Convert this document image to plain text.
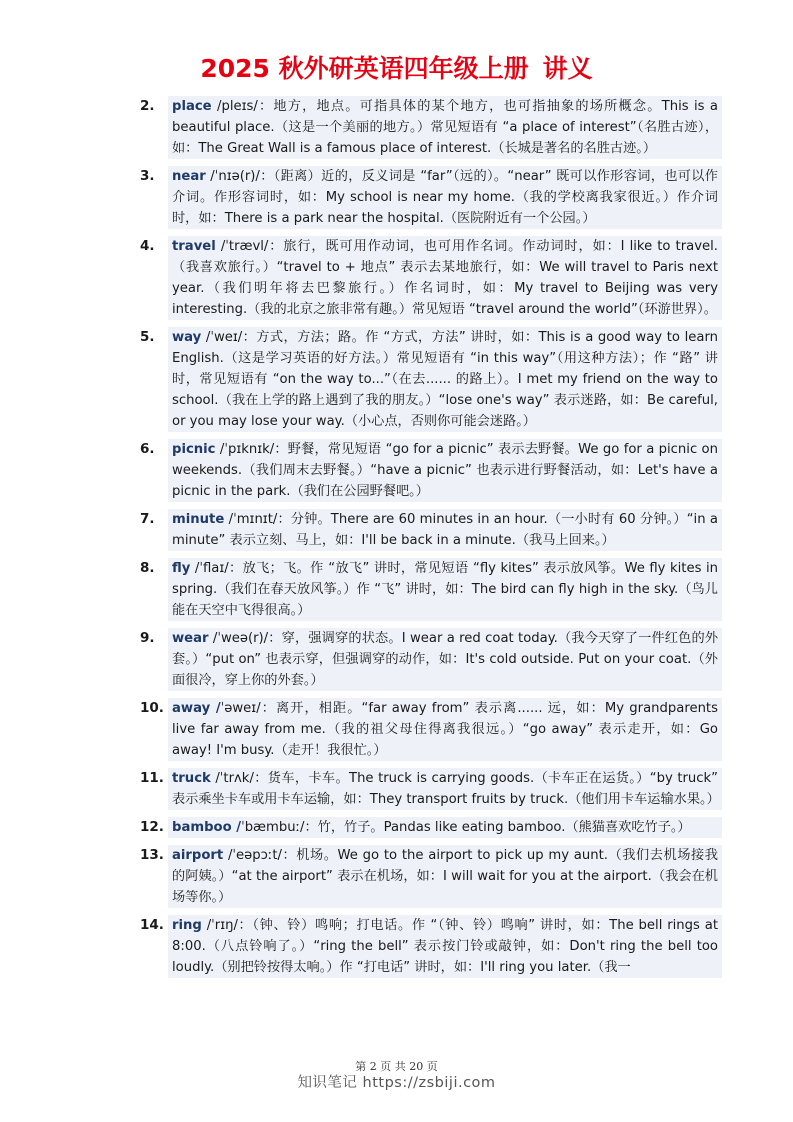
2025 秋外研英语四年级上册 讲义
2.	place /pleɪs/：地方，地点。可指具体的某个地方，也可指抽象的场所概念。This is a beautiful place.（这是一个美丽的地方。）常见短语有 “a place of interest”（名胜古迹），如：The Great Wall is a famous place of interest.（长城是著名的名胜古迹。）
3.	near /ˈnɪə(r)/：（距离）近的，反义词是 “far”（远的）。“near” 既可以作形容词，也可以作介词。作形容词时，如：My school is near my home.（我的学校离我家很近。）作介词时，如：There is a park near the hospital.（医院附近有一个公园。）
4.	travel /ˈtrævl/：旅行，既可用作动词，也可用作名词。作动词时，如：I like to travel.（我喜欢旅行。）“travel to + 地点” 表示去某地旅行，如：We will travel to Paris next year.（我们明年将去巴黎旅行。）作名词时，如：My travel to Beijing was very interesting.（我的北京之旅非常有趣。）常见短语 “travel around the world”（环游世界）。
5.	way /ˈweɪ/：方式，方法；路。作 “方式，方法” 讲时，如：This is a good way to learn English.（这是学习英语的好方法。）常见短语有 “in this way”（用这种方法）；作 “路” 讲时，常见短语有 “on the way to...”（在去...... 的路上）。I met my friend on the way to school.（我在上学的路上遇到了我的朋友。）“lose one's way” 表示迷路，如：Be careful, or you may lose your way.（小心点，否则你可能会迷路。）
6.	picnic /ˈpɪknɪk/：野餐，常见短语 “go for a picnic” 表示去野餐。We go for a picnic on weekends.（我们周末去野餐。）“have a picnic” 也表示进行野餐活动，如：Let's have a picnic in the park.（我们在公园野餐吧。）
7.	minute /ˈmɪnɪt/：分钟。There are 60 minutes in an hour.（一小时有 60 分钟。）“in a minute” 表示立刻、马上，如：I'll be back in a minute.（我马上回来。）
8.	fly /ˈflaɪ/：放飞；飞。作 “放飞” 讲时，常见短语 “fly kites” 表示放风筝。We fly kites in spring.（我们在春天放风筝。）作 “飞” 讲时，如：The bird can fly high in the sky.（鸟儿能在天空中飞得很高。）
9.	wear /ˈweə(r)/：穿，强调穿的状态。I wear a red coat today.（我今天穿了一件红色的外套。）“put on” 也表示穿，但强调穿的动作，如：It's cold outside. Put on your coat.（外面很冷，穿上你的外套。）
10. away /ˈəweɪ/：离开，相距。“far away from” 表示离...... 远，如：My grandparents live far away from me.（我的祖父母住得离我很远。）“go away” 表示走开，如：Go away! I'm busy.（走开！我很忙。）
11. truck /ˈtrʌk/：货车，卡车。The truck is carrying goods.（卡车正在运货。）“by truck” 表示乘坐卡车或用卡车运输，如：They transport fruits by truck.（他们用卡车运输水果。）
12. bamboo /ˈbæmbuː/：竹，竹子。Pandas like eating bamboo.（熊猫喜欢吃竹子。）
13. airport /ˈeəpɔːt/：机场。We go to the airport to pick up my aunt.（我们去机场接我的阿姨。）“at the airport” 表示在机场，如：I will wait for you at the airport.（我会在机场等你。）
14. ring /ˈrɪŋ/：（钟、铃）鸣响；打电话。作 “（钟、铃）鸣响” 讲时，如：The bell rings at 8:00.（八点铃响了。）“ring the bell” 表示按门铃或敲钟，如：Don't ring the bell too loudly.（别把铃按得太响。）作 “打电话” 讲时，如：I'll ring you later.（我一
第 2 页 共 20 页
知识笔记 https://zsbiji.com
